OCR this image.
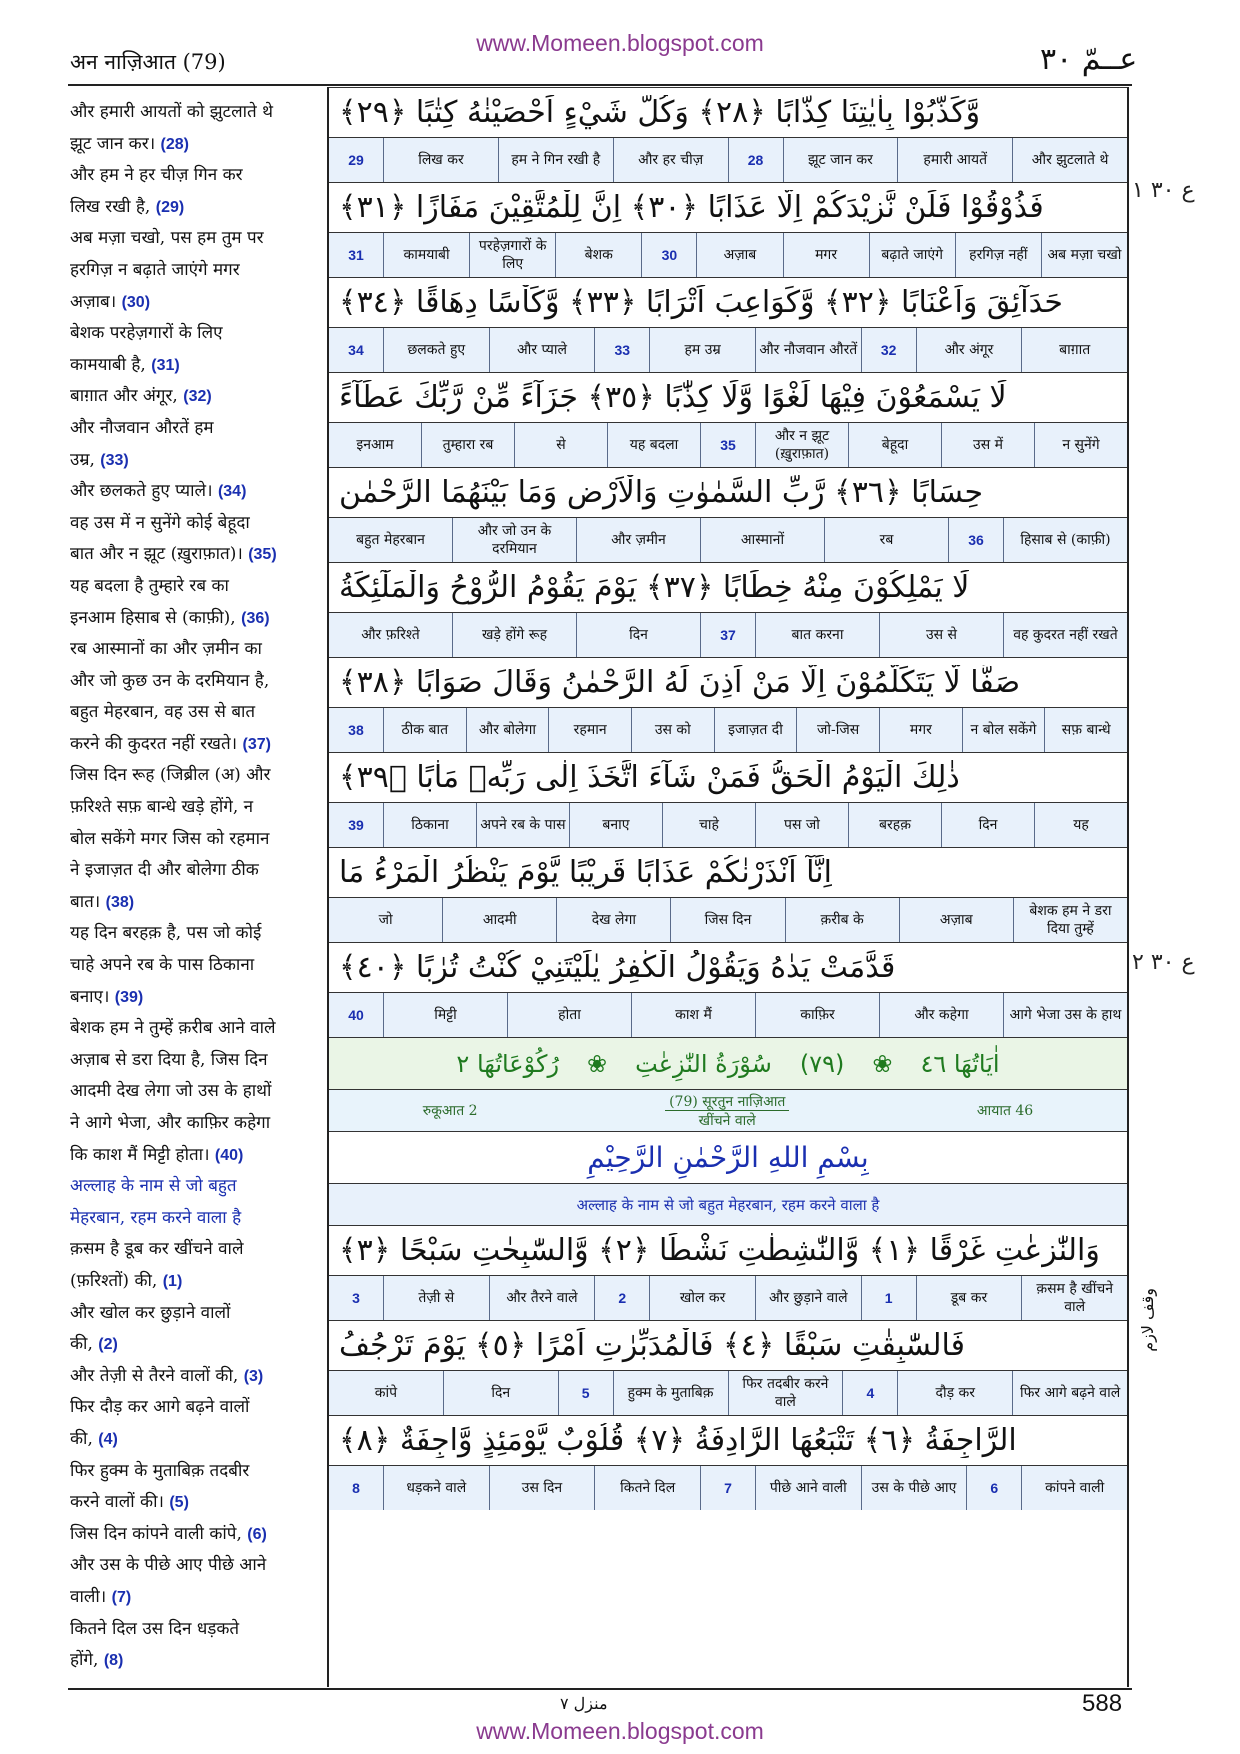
www.Momeen.blogspot.com
अन नाज़िआत (79)	عــمّ ٣٠
और हमारी आयतों को झुटलाते थे
झूट जान कर। (28)
और हम ने हर चीज़ गिन कर
लिख रखी है, (29)
अब मज़ा चखो, पस हम तुम पर
हरगिज़ न बढ़ाते जाएंगे मगर
अज़ाब। (30)
बेशक परहेज़गारों के लिए
कामयाबी है, (31)
बाग़ात और अंगूर, (32)
और नौजवान औरतें हम
उम्र, (33)
और छलकते हुए प्याले। (34)
वह उस में न सुनेंगे कोई बेहूदा
बात और न झूट (ख़ुराफ़ात)। (35)
यह बदला है तुम्हारे रब का
इनआम हिसाब से (काफ़ी), (36)
रब आस्मानों का और ज़मीन का
और जो कुछ उन के दरमियान है,
बहुत मेहरबान, वह उस से बात
करने की कुदरत नहीं रखते। (37)
जिस दिन रूह (जिब्रील (अ) और
फ़रिश्ते सफ़ बान्धे खड़े होंगे, न
बोल सकेंगे मगर जिस को रहमान
ने इजाज़त दी और बोलेगा ठीक
बात। (38)
यह दिन बरहक़ है, पस जो कोई
चाहे अपने रब के पास ठिकाना
बनाए। (39)
बेशक हम ने तुम्हें क़रीब आने वाले
अज़ाब से डरा दिया है, जिस दिन
आदमी देख लेगा जो उस के हाथों
ने आगे भेजा, और काफ़िर कहेगा
कि काश मैं मिट्टी होता। (40)
अल्लाह के नाम से जो बहुत
मेहरबान, रहम करने वाला है
क़सम है डूब कर खींचने वाले
(फ़रिश्तों) की, (1)
और खोल कर छुड़ाने वालों
की, (2)
और तेज़ी से तैरने वालों की, (3)
फिर दौड़ कर आगे बढ़ने वालों
की, (4)
फिर हुक्म के मुताबिक़ तदबीर
करने वालों की। (5)
जिस दिन कांपने वाली कांपे, (6)
और उस के पीछे आए पीछे आने
वाली। (7)
कितने दिल उस दिन धड़कते
होंगे, (8)
وَّكَذَّبُوْا بِاٰيٰتِنَا كِذَّابًا ﴿٢٨﴾ وَكُلَّ شَيْءٍ اَحْصَيْنٰهُ كِتٰبًا ﴿٢٩﴾
और झुटलाते थे
हमारी आयतें
झूट जान कर
28
और हर चीज़
हम ने गिन रखी है
लिख कर
29
فَذُوْقُوْا فَلَنْ نَّزِيْدَكُمْ اِلَّا عَذَابًا ﴿٣٠﴾ اِنَّ لِلْمُتَّقِيْنَ مَفَازًا ﴿٣١﴾
अब मज़ा चखो
हरगिज़ नहीं
बढ़ाते जाएंगे
मगर
अज़ाब
30
बेशक
परहेज़गारों के लिए
कामयाबी
31
حَدَآئِقَ وَاَعْنَابًا ﴿٣٢﴾ وَّكَوَاعِبَ اَتْرَابًا ﴿٣٣﴾ وَّكَاْسًا دِهَاقًا ﴿٣٤﴾
बाग़ात
और अंगूर
32
और नौजवान औरतें
हम उम्र
33
और प्याले
छलकते हुए
34
لَا يَسْمَعُوْنَ فِيْهَا لَغْوًا وَّلَا كِذّٰبًا ﴿٣٥﴾ جَزَآءً مِّنْ رَّبِّكَ عَطَآءً
न सुनेंगे
उस में
बेहूदा
और न झूट (ख़ुराफ़ात)
35
यह बदला
से
तुम्हारा रब
इनआम
حِسَابًا ﴿٣٦﴾ رَّبِّ السَّمٰوٰتِ وَالْاَرْضِ وَمَا بَيْنَهُمَا الرَّحْمٰنِ
हिसाब से (काफ़ी)
36
रब
आस्मानों
और ज़मीन
और जो उन के दरमियान
बहुत मेहरबान
لَا يَمْلِكُوْنَ مِنْهُ خِطَابًا ﴿٣٧﴾ يَوْمَ يَقُوْمُ الرُّوْحُ وَالْمَلٰٓئِكَةُ
वह कुदरत नहीं रखते
उस से
बात करना
37
दिन
खड़े होंगे रूह
और फ़रिश्ते
صَفًّا لَّا يَتَكَلَّمُوْنَ اِلَّا مَنْ اَذِنَ لَهُ الرَّحْمٰنُ وَقَالَ صَوَابًا ﴿٣٨﴾
सफ़ बान्धे
न बोल सकेंगे
मगर
जो-जिस
इजाज़त दी
उस को
रहमान
और बोलेगा
ठीक बात
38
ذٰلِكَ الْيَوْمُ الْحَقُّ فَمَنْ شَآءَ اتَّخَذَ اِلٰى رَبِّهٖ مَاٰبًا ﴿٣٩﴾
यह
दिन
बरहक़
पस जो
चाहे
बनाए
अपने रब के पास
ठिकाना
39
اِنَّآ اَنْذَرْنٰكُمْ عَذَابًا قَرِيْبًا يَّوْمَ يَنْظُرُ الْمَرْءُ مَا
बेशक हम ने डरा दिया तुम्हें
अज़ाब
क़रीब के
जिस दिन
देख लेगा
आदमी
जो
قَدَّمَتْ يَدٰهُ وَيَقُوْلُ الْكٰفِرُ يٰلَيْتَنِيْ كُنْتُ تُرٰبًا ﴿٤٠﴾
आगे भेजा उस के हाथ
और कहेगा
काफ़िर
काश मैं
होता
मिट्टी
40
اٰيَاتُهَا ٤٦
❀
(٧٩)
سُوْرَةُ النّٰزِعٰتِ
❀
رُكُوْعَاتُهَا ٢
रुकूआत 2
(79) सूरतुन नाज़िआत
खींचने वाले
आयात 46
بِسْمِ اللهِ الرَّحْمٰنِ الرَّحِيْمِ
अल्लाह के नाम से जो बहुत मेहरबान, रहम करने वाला है
وَالنّٰزِعٰتِ غَرْقًا ﴿١﴾ وَّالنّٰشِطٰتِ نَشْطًا ﴿٢﴾ وَّالسّٰبِحٰتِ سَبْحًا ﴿٣﴾
क़सम है खींचने वाले
डूब कर
1
और छुड़ाने वाले
खोल कर
2
और तैरने वाले
तेज़ी से
3
فَالسّٰبِقٰتِ سَبْقًا ﴿٤﴾ فَالْمُدَبِّرٰتِ اَمْرًا ﴿٥﴾ يَوْمَ تَرْجُفُ
फिर आगे बढ़ने वाले
दौड़ कर
4
फिर तदबीर करने वाले
हुक्म के मुताबिक़
5
दिन
कांपे
الرَّاجِفَةُ ﴿٦﴾ تَتْبَعُهَا الرَّادِفَةُ ﴿٧﴾ قُلُوْبٌ يَّوْمَئِذٍ وَّاجِفَةٌ ﴿٨﴾
कांपने वाली
6
उस के पीछे आए
पीछे आने वाली
7
कितने दिल
उस दिन
धड़कने वाले
8
ع ٣٠ ١
ع ٣٠ ٢
وقف لازم
منزل ٧	588
www.Momeen.blogspot.com
